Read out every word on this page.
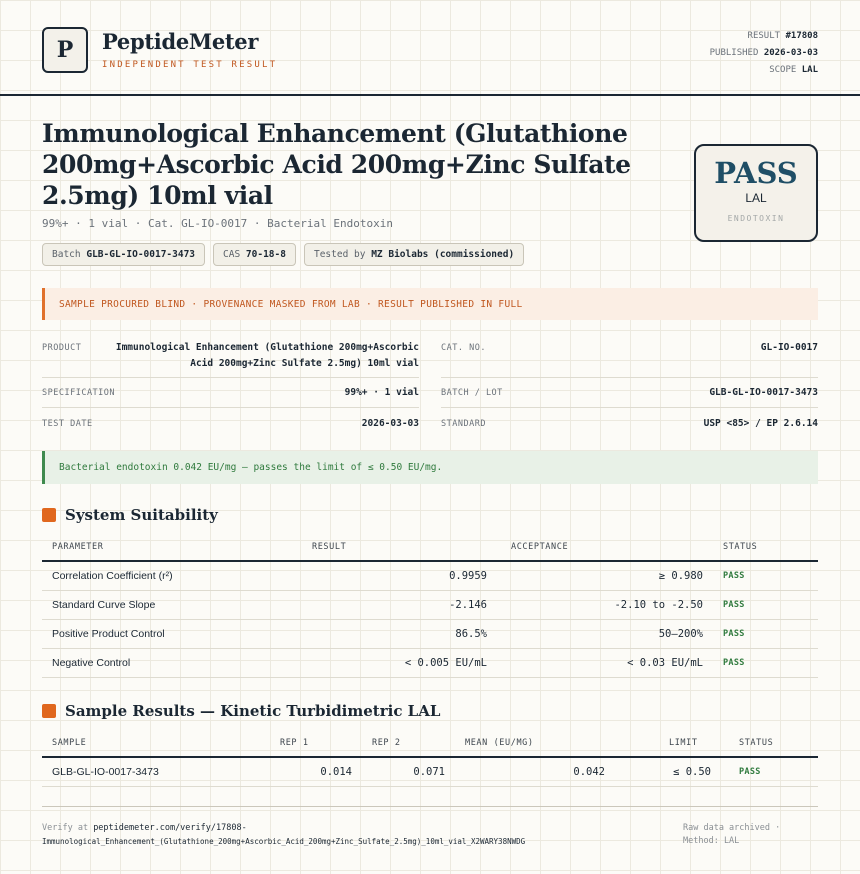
P	PeptideMeter
INDEPENDENT TEST RESULT
RESULT #17808
PUBLISHED 2026-03-03
SCOPE LAL
Immunological Enhancement (Glutathione 200mg+Ascorbic Acid 200mg+Zinc Sulfate 2.5mg) 10ml vial
99%+ · 1 vial · Cat. GL-IO-0017 · Bacterial Endotoxin
Batch GLB-GL-IO-0017-3473	CAS 70-18-8	Tested by MZ Biolabs (commissioned)
PASS
LAL
ENDOTOXIN
SAMPLE PROCURED BLIND · PROVENANCE MASKED FROM LAB · RESULT PUBLISHED IN FULL
PRODUCT	Immunological Enhancement (Glutathione 200mg+Ascorbic
Acid 200mg+Zinc Sulfate 2.5mg) 10ml vial
CAT. NO.	GL-IO-0017
SPECIFICATION	99%+ · 1 vial	BATCH / LOT	GLB-GL-IO-0017-3473
TEST DATE	2026-03-03	STANDARD	USP <85> / EP 2.6.14
Bacterial endotoxin 0.042 EU/mg — passes the limit of ≤ 0.50 EU/mg.
System Suitability
PARAMETER	RESULT	ACCEPTANCE	STATUS
Correlation Coefficient (r²)	0.9959	≥ 0.980	PASS
Standard Curve Slope	-2.146	-2.10 to -2.50	PASS
Positive Product Control	86.5%	50–200%	PASS
Negative Control	< 0.005 EU/mL	< 0.03 EU/mL	PASS
Sample Results — Kinetic Turbidimetric LAL
SAMPLE	REP 1	REP 2	MEAN (EU/MG)	LIMIT	STATUS
GLB-GL-IO-0017-3473	0.014	0.071	0.042	≤ 0.50	PASS
Verify at peptidemeter.com/verify/17808-
Immunological_Enhancement_(Glutathione_200mg+Ascorbic_Acid_200mg+Zinc_Sulfate_2.5mg)_10ml_vial_X2WARY38NWDG
Raw data archived ·
Method: LAL
